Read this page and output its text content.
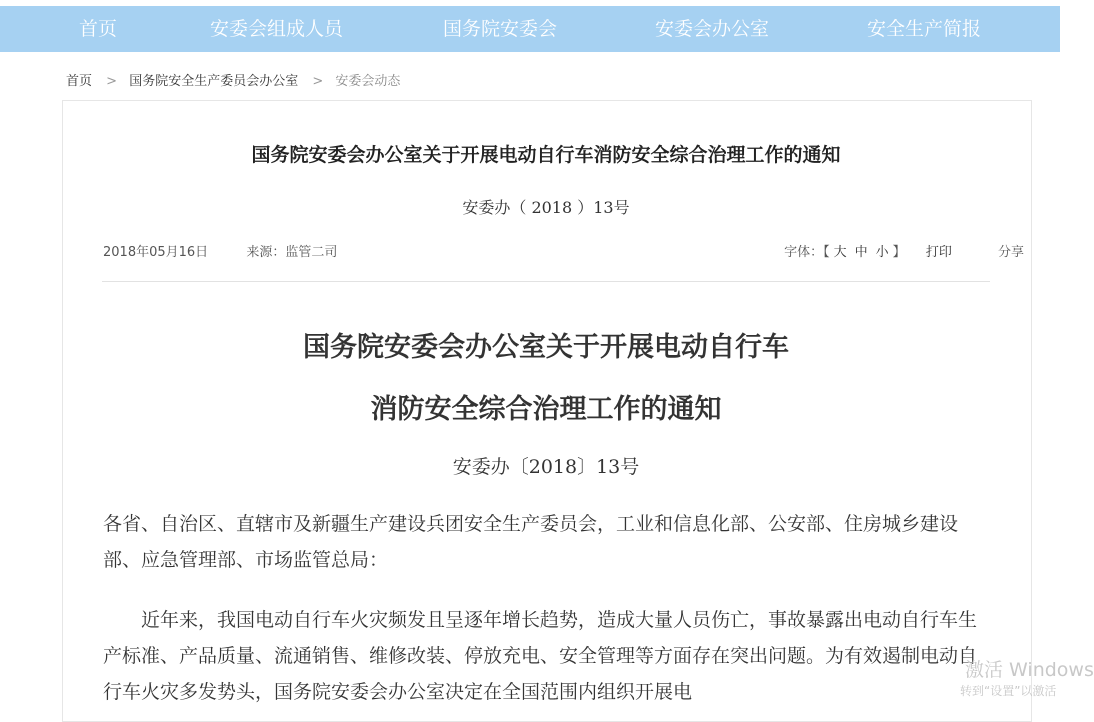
首页	安委会组成人员	国务院安委会	安委会办公室	安全生产简报
首页 > 国务院安全生产委员会办公室 > 安委会动态
国务院安委会办公室关于开展电动自行车消防安全综合治理工作的通知
安委办（ 2018 ）13号
2018年05月16日	来源：监管二司	字体：【 大 中 小 】 打印	分享
国务院安委会办公室关于开展电动自行车
消防安全综合治理工作的通知
安委办〔2018〕13号
各省、自治区、直辖市及新疆生产建设兵团安全生产委员会，工业和信息化部、公安部、住房城乡建设部、应急管理部、市场监管总局：
近年来，我国电动自行车火灾频发且呈逐年增长趋势，造成大量人员伤亡，事故暴露出电动自行车生产标准、产品质量、流通销售、维修改装、停放充电、安全管理等方面存在突出问题。为有效遏制电动自行车火灾多发势头，国务院安委会办公室决定在全国范围内组织开展电
激活 Windows
转到“设置”以激活
